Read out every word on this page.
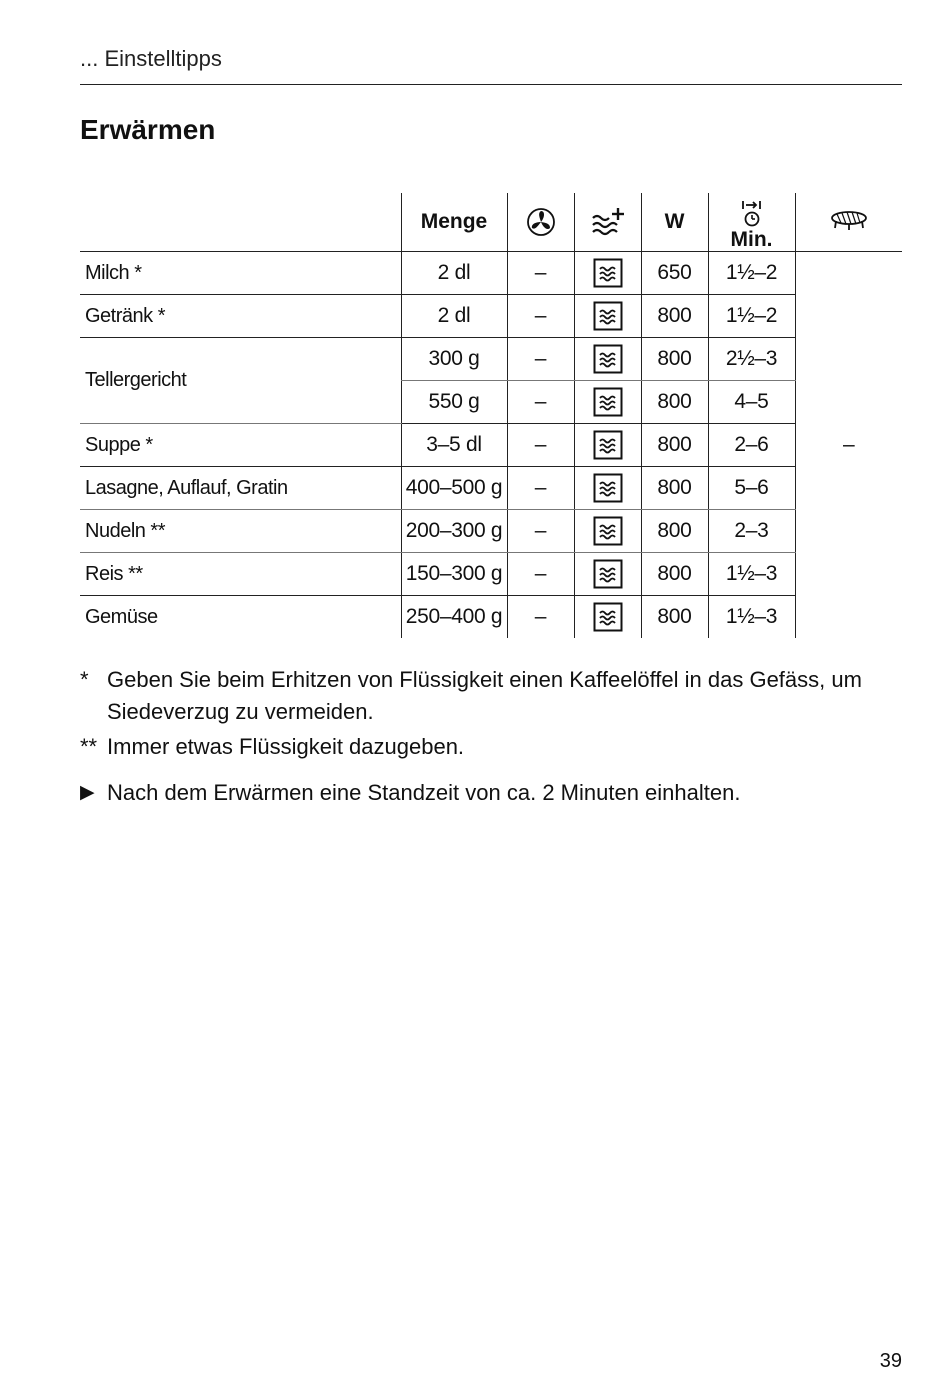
... Einstelltipps
Erwärmen
	Menge			W	Min.

Milch *	2 dl	–		650	1½–2	–
Getränk *	2 dl	–		800	1½–2	
Tellergericht	300 g	–		800	2½–3	
	550 g	–		800	4–5	
Suppe *	3–5 dl	–		800	2–6	
Lasagne, Auflauf, Gratin	400–500 g	–		800	5–6	
Nudeln **	200–300 g	–		800	2–3	
Reis **	150–300 g	–		800	1½–3	
Gemüse	250–400 g	–		800	1½–3	
* Geben Sie beim Erhitzen von Flüssigkeit einen Kaffeelöffel in das Gefäss, um Siedeverzug zu vermeiden.
** Immer etwas Flüssigkeit dazugeben.
▶ Nach dem Erwärmen eine Standzeit von ca. 2 Minuten einhalten.
39
